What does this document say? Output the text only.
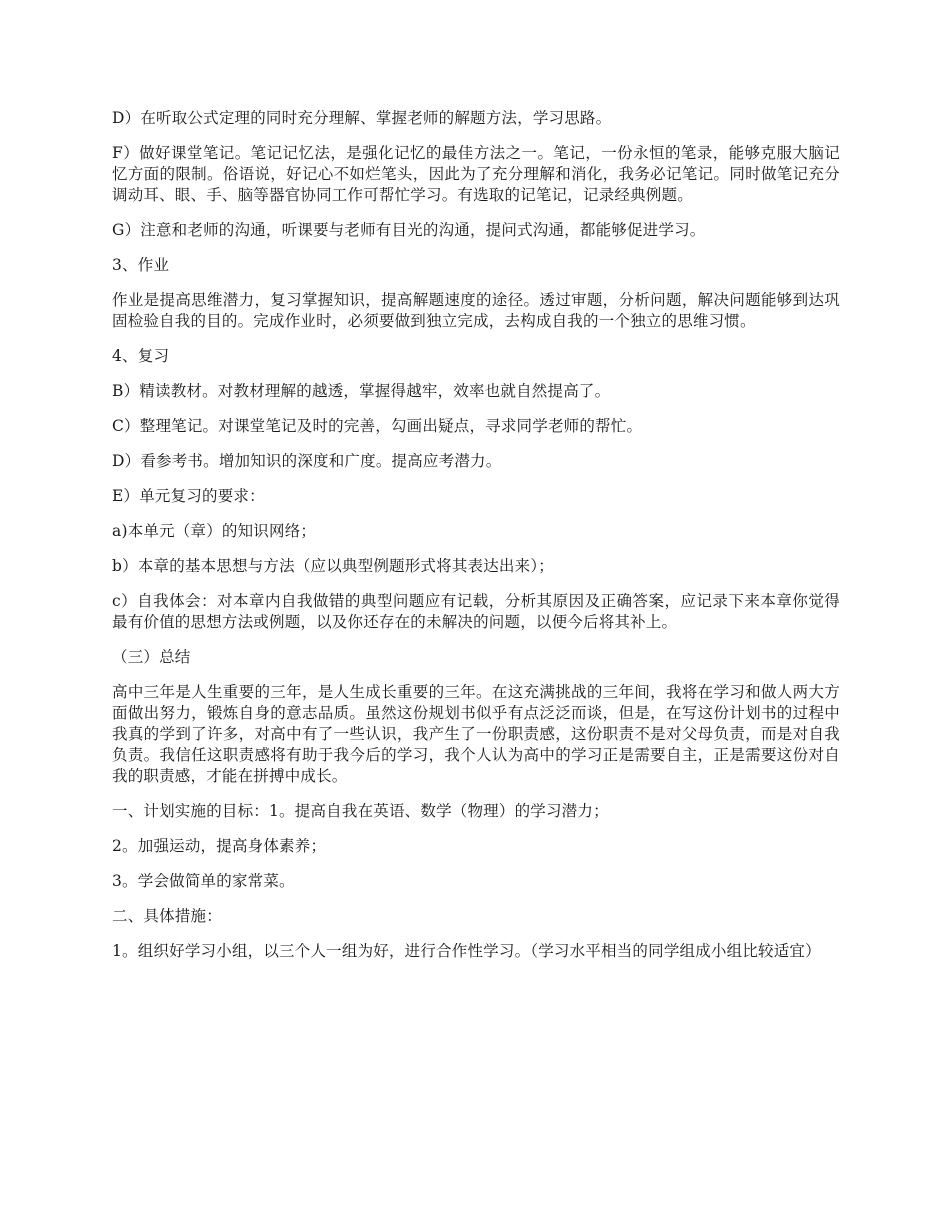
D）在听取公式定理的同时充分理解、掌握老师的解题方法，学习思路。

F）做好课堂笔记。笔记记忆法，是强化记忆的最佳方法之一。笔记，一份永恒的笔录，能够克服大脑记忆方面的限制。俗语说，好记心不如烂笔头，因此为了充分理解和消化，我务必记笔记。同时做笔记充分调动耳、眼、手、脑等器官协同工作可帮忙学习。有选取的记笔记，记录经典例题。

G）注意和老师的沟通，听课要与老师有目光的沟通，提问式沟通，都能够促进学习。

3、作业

作业是提高思维潜力，复习掌握知识，提高解题速度的途径。透过审题，分析问题，解决问题能够到达巩固检验自我的目的。完成作业时，必须要做到独立完成，去构成自我的一个独立的思维习惯。

4、复习

B）精读教材。对教材理解的越透，掌握得越牢，效率也就自然提高了。

C）整理笔记。对课堂笔记及时的完善，勾画出疑点，寻求同学老师的帮忙。

D）看参考书。增加知识的深度和广度。提高应考潜力。

E）单元复习的要求：

a)本单元（章）的知识网络；

b）本章的基本思想与方法（应以典型例题形式将其表达出来）；

c）自我体会：对本章内自我做错的典型问题应有记载，分析其原因及正确答案，应记录下来本章你觉得最有价值的思想方法或例题，以及你还存在的未解决的问题，以便今后将其补上。

（三）总结

高中三年是人生重要的三年，是人生成长重要的三年。在这充满挑战的三年间，我将在学习和做人两大方面做出努力，锻炼自身的意志品质。虽然这份规划书似乎有点泛泛而谈，但是，在写这份计划书的过程中我真的学到了许多，对高中有了一些认识，我产生了一份职责感，这份职责不是对父母负责，而是对自我负责。我信任这职责感将有助于我今后的学习，我个人认为高中的学习正是需要自主，正是需要这份对自我的职责感，才能在拼搏中成长。

一、计划实施的目标：1。提高自我在英语、数学（物理）的学习潜力；

2。加强运动，提高身体素养；

3。学会做简单的家常菜。

二、具体措施：

1。组织好学习小组，以三个人一组为好，进行合作性学习。（学习水平相当的同学组成小组比较适宜）
